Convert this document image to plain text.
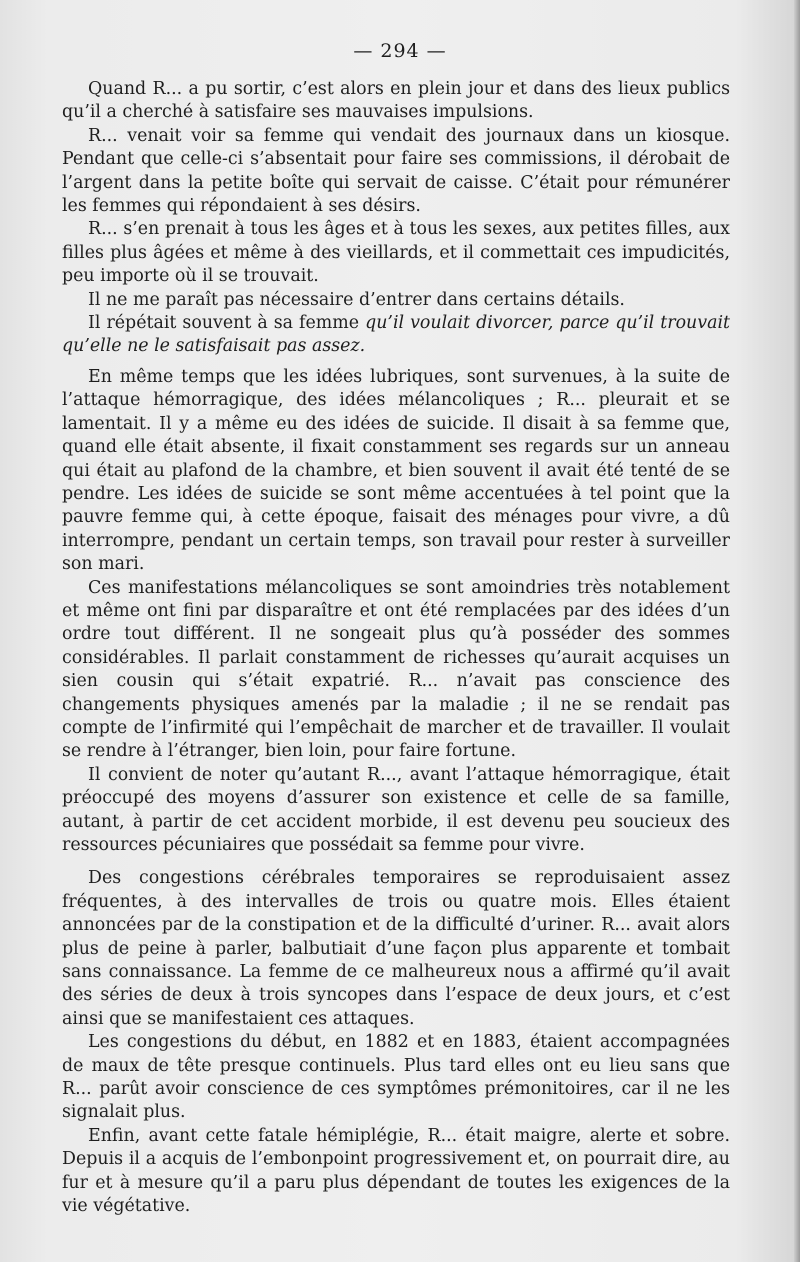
— 294 —

Quand R... a pu sortir, c’est alors en plein jour et dans des lieux publics qu’il a cherché à satisfaire ses mauvaises impulsions.

R... venait voir sa femme qui vendait des journaux dans un kiosque. Pendant que celle-ci s’absentait pour faire ses commissions, il dérobait de l’argent dans la petite boîte qui servait de caisse. C’était pour rémunérer les femmes qui répondaient à ses désirs.

R... s’en prenait à tous les âges et à tous les sexes, aux petites filles, aux filles plus âgées et même à des vieillards, et il commettait ces impudicités, peu importe où il se trouvait.

Il ne me paraît pas nécessaire d’entrer dans certains détails.

Il répétait souvent à sa femme qu’il voulait divorcer, parce qu’il trouvait qu’elle ne le satisfaisait pas assez.

En même temps que les idées lubriques, sont survenues, à la suite de l’attaque hémorragique, des idées mélancoliques ; R... pleurait et se lamentait. Il y a même eu des idées de suicide. Il disait à sa femme que, quand elle était absente, il fixait constamment ses regards sur un anneau qui était au plafond de la chambre, et bien souvent il avait été tenté de se pendre. Les idées de suicide se sont même accentuées à tel point que la pauvre femme qui, à cette époque, faisait des ménages pour vivre, a dû interrompre, pendant un certain temps, son travail pour rester à surveiller son mari.

Ces manifestations mélancoliques se sont amoindries très notablement et même ont fini par disparaître et ont été remplacées par des idées d’un ordre tout différent. Il ne songeait plus qu’à posséder des sommes considérables. Il parlait constamment de richesses qu’aurait acquises un sien cousin qui s’était expatrié. R... n’avait pas conscience des changements physiques amenés par la maladie ; il ne se rendait pas compte de l’infirmité qui l’empêchait de marcher et de travailler. Il voulait se rendre à l’étranger, bien loin, pour faire fortune.

Il convient de noter qu’autant R..., avant l’attaque hémorragique, était préoccupé des moyens d’assurer son existence et celle de sa famille, autant, à partir de cet accident morbide, il est devenu peu soucieux des ressources pécuniaires que possédait sa femme pour vivre.

Des congestions cérébrales temporaires se reproduisaient assez fréquentes, à des intervalles de trois ou quatre mois. Elles étaient annoncées par de la constipation et de la difficulté d’uriner. R... avait alors plus de peine à parler, balbutiait d’une façon plus apparente et tombait sans connaissance. La femme de ce malheureux nous a affirmé qu’il avait des séries de deux à trois syncopes dans l’espace de deux jours, et c’est ainsi que se manifestaient ces attaques.

Les congestions du début, en 1882 et en 1883, étaient accompagnées de maux de tête presque continuels. Plus tard elles ont eu lieu sans que R... parût avoir conscience de ces symptômes prémonitoires, car il ne les signalait plus.

Enfin, avant cette fatale hémiplégie, R... était maigre, alerte et sobre. Depuis il a acquis de l’embonpoint progressivement et, on pourrait dire, au fur et à mesure qu’il a paru plus dépendant de toutes les exigences de la vie végétative.
